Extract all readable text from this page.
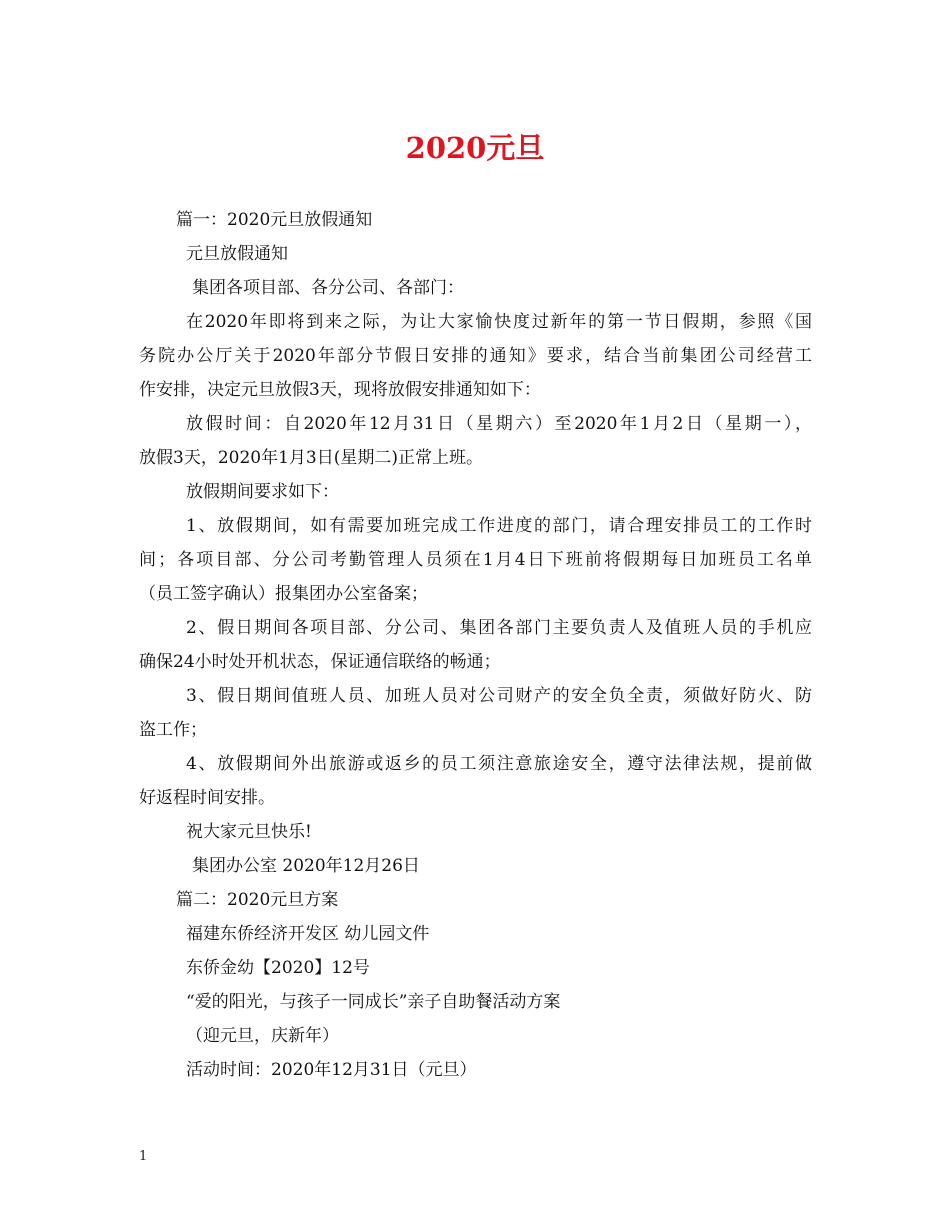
2020元旦
篇一：2020元旦放假通知
元旦放假通知
集团各项目部、各分公司、各部门：
在2020年即将到来之际，为让大家愉快度过新年的第一节日假期，参照《国
务院办公厅关于2020年部分节假日安排的通知》要求，结合当前集团公司经营工
作安排，决定元旦放假3天，现将放假安排通知如下：
放假时间：自2020年12月31日（星期六）至2020年1月2日（星期一），
放假3天，2020年1月3日(星期二)正常上班。
放假期间要求如下：
1、放假期间，如有需要加班完成工作进度的部门，请合理安排员工的工作时
间；各项目部、分公司考勤管理人员须在1月4日下班前将假期每日加班员工名单
（员工签字确认）报集团办公室备案；
2、假日期间各项目部、分公司、集团各部门主要负责人及值班人员的手机应
确保24小时处开机状态，保证通信联络的畅通；
3、假日期间值班人员、加班人员对公司财产的安全负全责，须做好防火、防
盗工作；
4、放假期间外出旅游或返乡的员工须注意旅途安全，遵守法律法规，提前做
好返程时间安排。
祝大家元旦快乐!
集团办公室 2020年12月26日
篇二：2020元旦方案
福建东侨经济开发区 幼儿园文件
东侨金幼【2020】12号
“爱的阳光，与孩子一同成长”亲子自助餐活动方案
（迎元旦，庆新年）
活动时间：2020年12月31日（元旦）
1
